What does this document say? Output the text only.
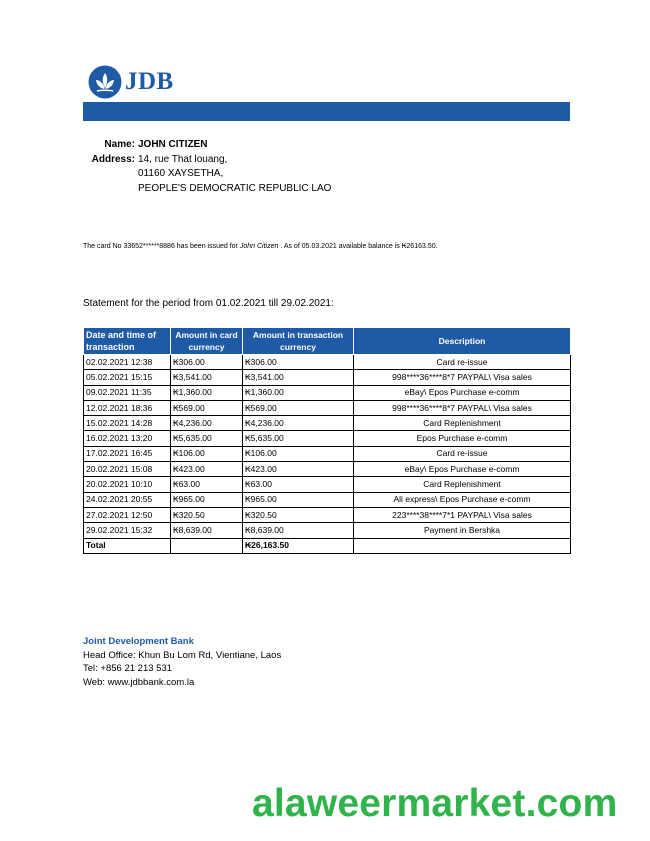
JDB
Name: JOHN CITIZEN
Address: 14, rue That louang,
01160 XAYSETHA,
PEOPLE'S DEMOCRATIC REPUBLIC LAO
The card No 33652******8886 has been issued for John Citizen . As of 05.03.2021 available balance is ₭26163.50.
Statement for the period from 01.02.2021 till 29.02.2021:
Date and time of transaction	Amount in card currency	Amount in transaction currency	Description
02.02.2021 12:38	₭306.00	₭306.00	Card re-issue
05.02.2021 15:15	₭3,541.00	₭3,541.00	998****36****8*7 PAYPAL\ Visa sales
09.02.2021 11:35	₭1,360.00	₭1,360.00	eBay\ Epos Purchase e-comm
12.02.2021 18:36	₭569.00	₭569.00	998****36****8*7 PAYPAL\ Visa sales
15.02.2021 14:28	₭4,236.00	₭4,236.00	Card Replenishment
16.02.2021 13:20	₭5,635.00	₭5,635.00	Epos Purchase e-comm
17.02.2021 16:45	₭106.00	₭106.00	Card re-issue
20.02.2021 15:08	₭423.00	₭423.00	eBay\ Epos Purchase e-comm
20.02.2021 10:10	₭63.00	₭63.00	Card Replenishment
24.02.2021 20:55	₭965.00	₭965.00	Ali express\ Epos Purchase e-comm
27.02.2021 12:50	₭320.50	₭320.50	223****38****7*1 PAYPAL\ Visa sales
29.02.2021 15:32	₭8,639.00	₭8,639.00	Payment in Bershka
Total		₭26,163.50	
Joint Development Bank
Head Office: Khun Bu Lom Rd, Vientiane, Laos
Tel: +856 21 213 531
Web: www.jdbbank.com.la
alaweermarket.com
